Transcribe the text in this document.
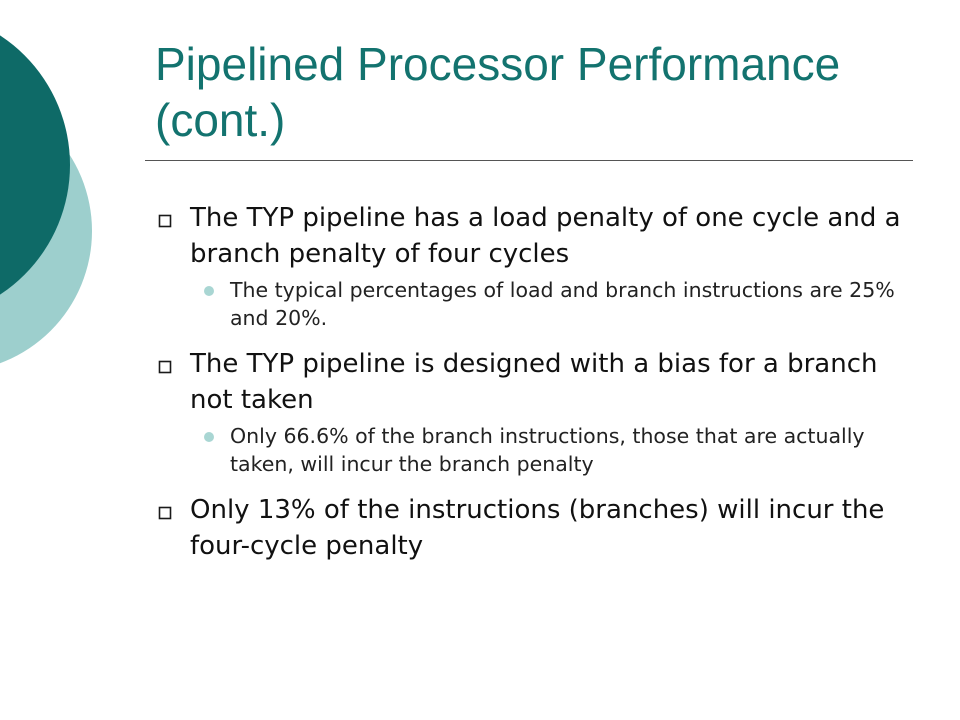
Pipelined Processor Performance (cont.)
The TYP pipeline has a load penalty of one cycle and a branch penalty of four cycles
The typical percentages of load and branch instructions are 25% and 20%.
The TYP pipeline is designed with a bias for a branch not taken
Only 66.6% of the branch instructions, those that are actually taken, will incur the branch penalty
Only 13% of the instructions (branches) will incur the four-cycle penalty
